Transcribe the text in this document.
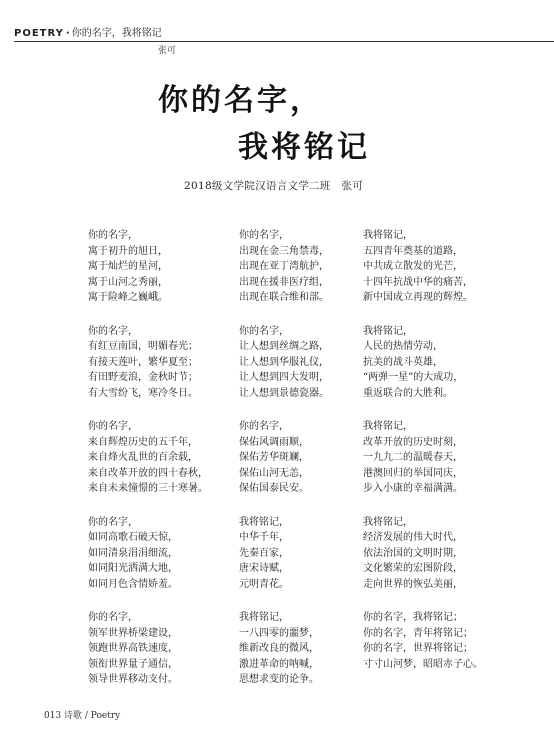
POETRY · 你的名字，我将铭记
张可
你的名字，
我将铭记
2018级文学院汉语言文学二班　张可
你的名字，
寓于初升的旭日，
寓于灿烂的星河，
寓于山河之秀丽，
寓于险峰之巍峨。
你的名字，
有红豆南国，明媚春光；
有接天莲叶，繁华夏至；
有田野麦浪，金秋时节；
有大雪纷飞，寒冷冬日。
你的名字，
来自辉煌历史的五千年，
来自烽火乱世的百余载，
来自改革开放的四十春秋，
来自未来憧憬的三十寒暑。
你的名字，
如同高歌石破天惊，
如同清泉涓涓细流，
如同阳光洒满大地，
如同月色含情娇羞。
你的名字，
领军世界桥梁建设，
领跑世界高铁速度，
领衔世界量子通信，
领导世界移动支付。
你的名字，
出现在金三角禁毒，
出现在亚丁湾航护，
出现在援非医疗组，
出现在联合维和部。
你的名字，
让人想到丝绸之路，
让人想到华服礼仪，
让人想到四大发明，
让人想到景德瓷器。
你的名字，
保佑风调雨顺，
保佑芳华斑斓，
保佑山河无恙，
保佑国泰民安。
我将铭记，
中华千年，
先秦百家，
唐宋诗赋，
元明青花。
我将铭记，
一八四零的噩梦，
维新改良的微风，
激进革命的呐喊，
思想求变的论争。
我将铭记，
五四青年奠基的道路，
中共成立散发的光芒，
十四年抗战中华的痛苦，
新中国成立再现的辉煌。
我将铭记，
人民的热情劳动，
抗美的战斗英雄，
“两弹一星”的大成功，
重返联合的大胜利。
我将铭记，
改革开放的历史时刻，
一九九二的温暖春天，
港澳回归的举国同庆，
步入小康的幸福满满。
我将铭记，
经济发展的伟大时代，
依法治国的文明时期，
文化繁荣的宏图阶段，
走向世界的恢弘美丽，
你的名字，我将铭记；
你的名字，青年将铭记；
你的名字，世界将铭记；
寸寸山河梦，昭昭赤子心。
013 诗歌 / Poetry
